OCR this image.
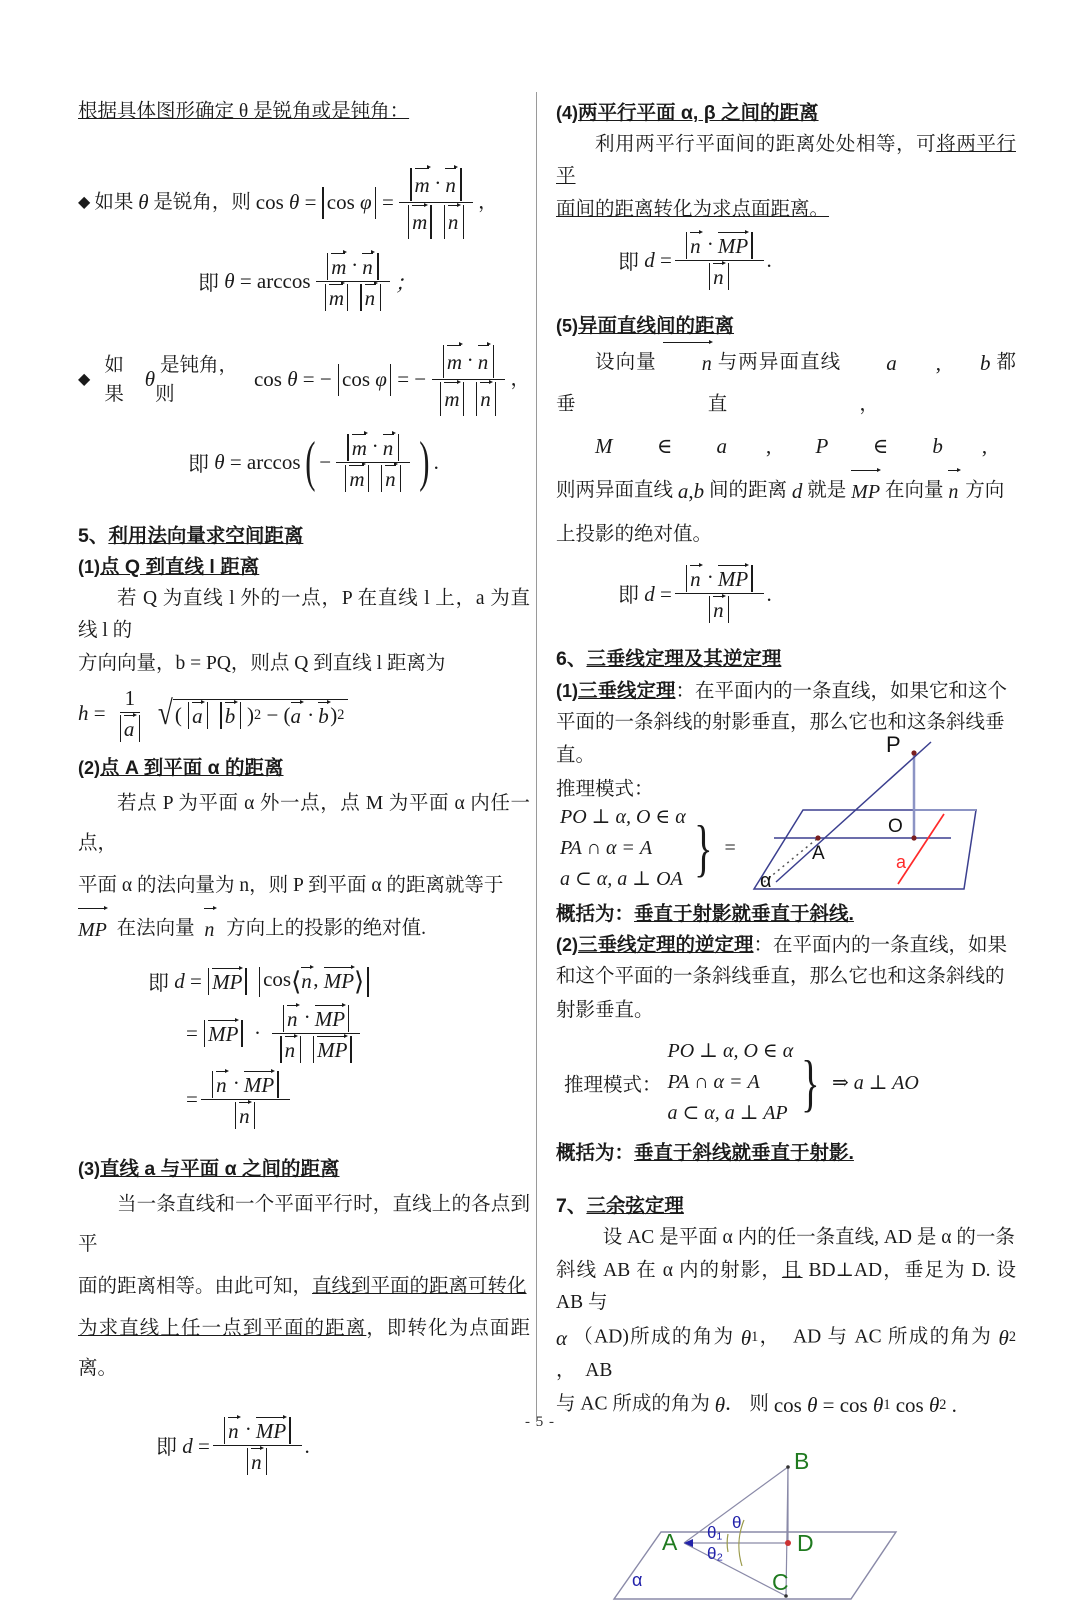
根据具体图形确定 θ 是锐角或是钝角：
◆ 如果 θ 是锐角，则 $\cos \theta = \cos \varphi = \frac{m \cdot n}{\text{m n}}$ ，
即 θ =
$\arccos \frac{m \cdot n}{\text{m n}}$ ；
◆
如果
θ
是钝角，则
cos θ = − cos φ = − $\frac{m \cdot n}{\text{m n}}$ ，
即 θ =
arccos ( − $\frac{m \cdot n}{\text{m n}}$ ) .
5、利用法向量求空间距离
(1)点 Q 到直线 l 距离
若 Q 为直线 l 外的一点，P 在直线 l 上，a 为直线 l 的
方向向量，b = PQ，则点 Q 到直线 l 距离为
h
= $\frac{1}{a}$ √ ( a b ) 2
−
( a · b ) 2
(2)点 A 到平面 α 的距离
若点 P 为平面 α 外一点，点 M 为平面 α 内任一点，
平面 α 的法向量为 n，则 P 到平面 α 的距离就等于
MP 在法向量 n 方向上的投影的绝对值.
即 d = MP cos ⟨ n ,
MP ⟩
= MP · $\frac{n \cdot MP}{\text{n MP}}$
= $\frac{n \cdot MP}{n}$
(3)直线 a 与平面 α 之间的距离
当一条直线和一个平面平行时，直线上的各点到平
面的距离相等。由此可知，直线到平面的距离可转化
为求直线上任一点到平面的距离，即转化为点面距离。
即 $d = \frac{n \cdot MP}{n}$ .
(4)两平行平面 α, β 之间的距离
利用两平行平面间的距离处处相等，可将两平行平
面间的距离转化为求点面距离。
即 $d = \frac{n \cdot MP}{n}$ .
(5)异面直线间的距离
设向量	n 与两异面直线 a	, b 都垂直， M	∈ a	, P	∈ b	,
则两异面直线 a , b 间的距离 d 就是 MP 在向量 n 方向
上投影的绝对值。
即 $d = \frac{n \cdot MP}{n}$ .
6、三垂线定理及其逆定理
(1)三垂线定理：在平面内的一条直线，如果它和这个
平面的一条斜线的射影垂直，那么它也和这条斜线垂
直。
推理模式：
PO ⊥ α, O ∈ α
PA ∩ α = A
a ⊂ α, a ⊥ OA } =
P
O
A	a
α
概括为：垂直于射影就垂直于斜线.
(2)三垂线定理的逆定理：在平面内的一条直线，如果
和这个平面的一条斜线垂直，那么它也和这条斜线的
射影垂直。
推理模式：
PO ⊥ α, O ∈ α
PA ∩ α = A
a ⊂ α, a ⊥ AP } ⇒ a ⊥ AO
概括为：垂直于斜线就垂直于射影.
7、三余弦定理
设 AC 是平面 α 内的任一条直线, AD 是 α 的一条
斜线 AB 在 α 内的射影，且 BD⊥AD，垂足为 D. 设 AB 与
α （AD)所成的角为 θ 1 ，  AD 与 AC 所成的角为 θ 2
，  AB
与 AC 所成的角为 θ． 则 cos θ =
cos θ 1
cos θ 2
.
B
A
C
D
α
θ
θ₁
θ₂
- 5 -
